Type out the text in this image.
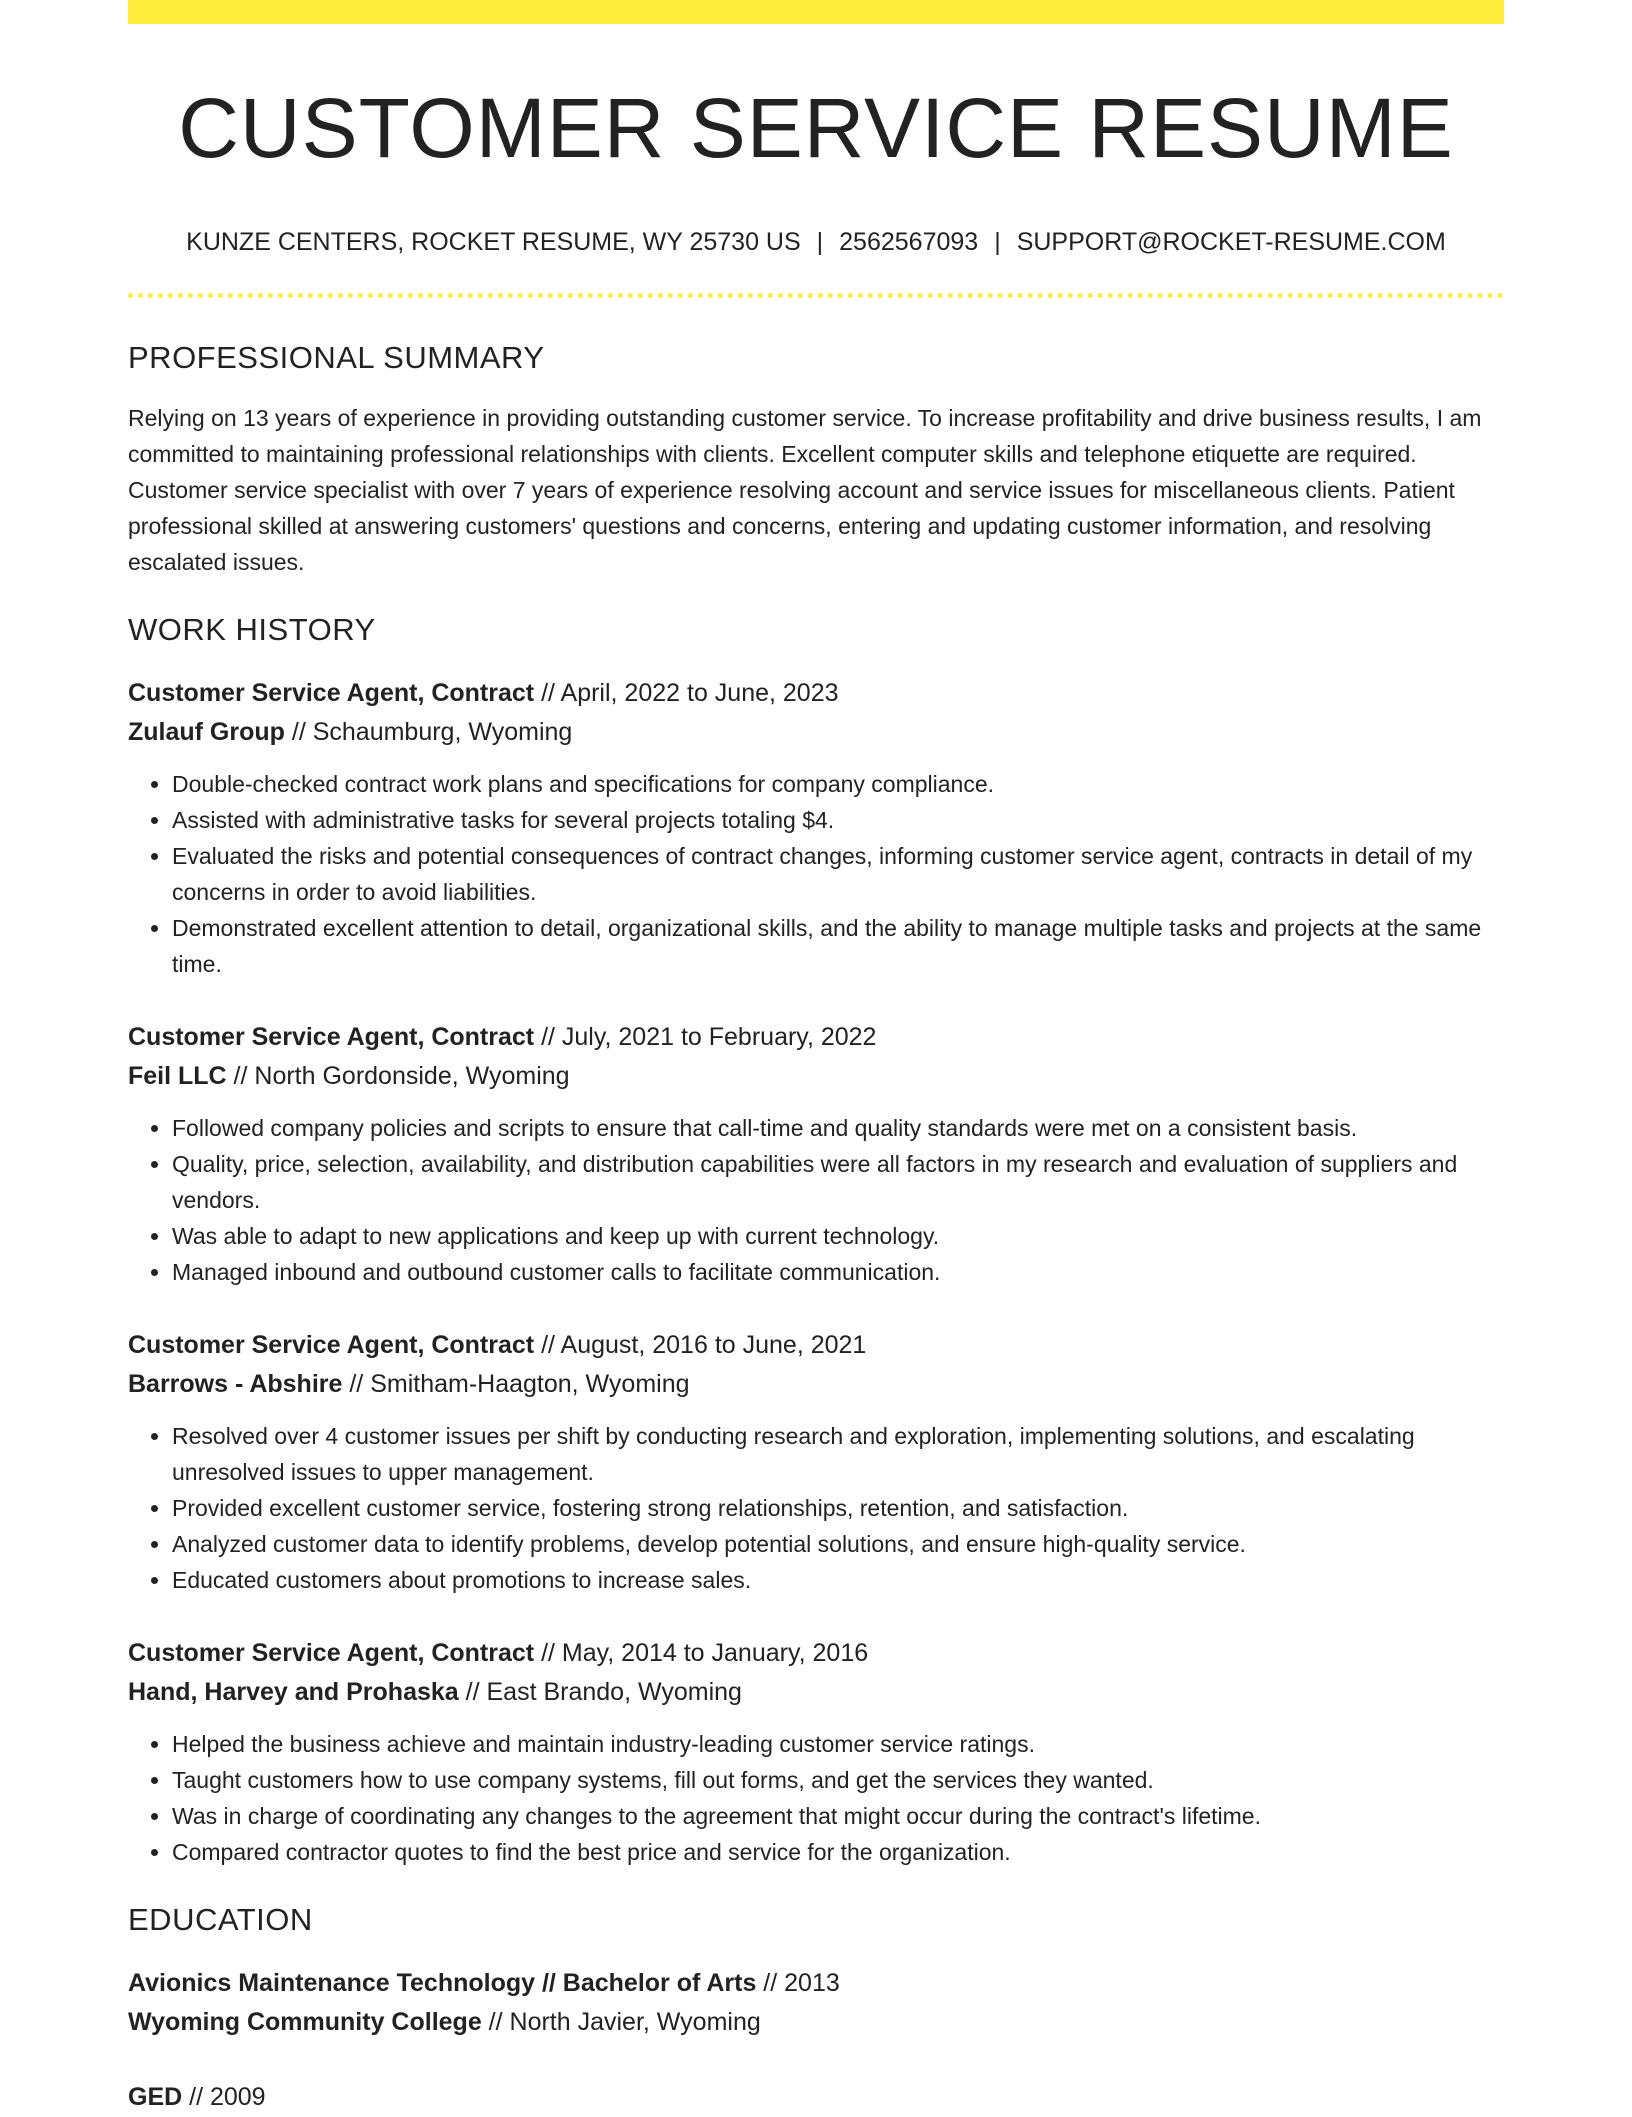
CUSTOMER SERVICE RESUME
KUNZE CENTERS, ROCKET RESUME, WY 25730 US | 2562567093 | SUPPORT@ROCKET-RESUME.COM
PROFESSIONAL SUMMARY

Relying on 13 years of experience in providing outstanding customer service. To increase profitability and drive business results, I am committed to maintaining professional relationships with clients. Excellent computer skills and telephone etiquette are required. Customer service specialist with over 7 years of experience resolving account and service issues for miscellaneous clients. Patient professional skilled at answering customers' questions and concerns, entering and updating customer information, and resolving escalated issues.

WORK HISTORY
Customer Service Agent, Contract // April, 2022 to June, 2023
Zulauf Group // Schaumburg, Wyoming
• Double-checked contract work plans and specifications for company compliance.
• Assisted with administrative tasks for several projects totaling $4.
• Evaluated the risks and potential consequences of contract changes, informing customer service agent, contracts in detail of my concerns in order to avoid liabilities.
• Demonstrated excellent attention to detail, organizational skills, and the ability to manage multiple tasks and projects at the same time.
Customer Service Agent, Contract // July, 2021 to February, 2022
Feil LLC // North Gordonside, Wyoming
• Followed company policies and scripts to ensure that call-time and quality standards were met on a consistent basis.
• Quality, price, selection, availability, and distribution capabilities were all factors in my research and evaluation of suppliers and vendors.
• Was able to adapt to new applications and keep up with current technology.
• Managed inbound and outbound customer calls to facilitate communication.
Customer Service Agent, Contract // August, 2016 to June, 2021
Barrows - Abshire // Smitham-Haagton, Wyoming
• Resolved over 4 customer issues per shift by conducting research and exploration, implementing solutions, and escalating unresolved issues to upper management.
• Provided excellent customer service, fostering strong relationships, retention, and satisfaction.
• Analyzed customer data to identify problems, develop potential solutions, and ensure high-quality service.
• Educated customers about promotions to increase sales.
Customer Service Agent, Contract // May, 2014 to January, 2016
Hand, Harvey and Prohaska // East Brando, Wyoming
• Helped the business achieve and maintain industry-leading customer service ratings.
• Taught customers how to use company systems, fill out forms, and get the services they wanted.
• Was in charge of coordinating any changes to the agreement that might occur during the contract's lifetime.
• Compared contractor quotes to find the best price and service for the organization.
EDUCATION
Avionics Maintenance Technology // Bachelor of Arts // 2013
Wyoming Community College // North Javier, Wyoming
GED // 2009
